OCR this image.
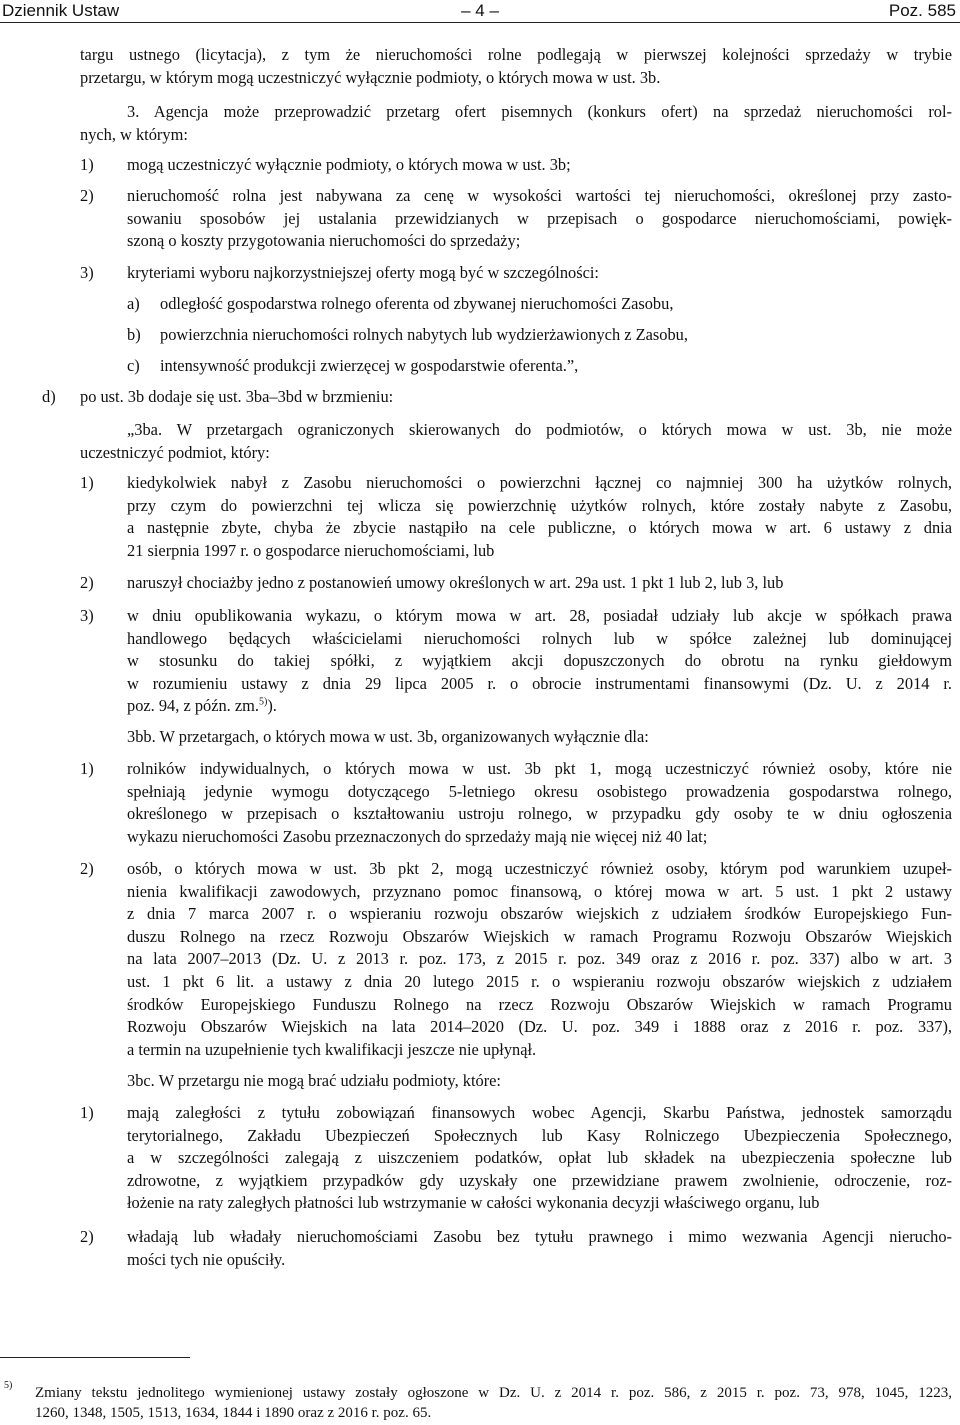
Dziennik Ustaw	– 4 –	Poz. 585
targu ustnego (licytacja), z tym że nieruchomości rolne podlegają w pierwszej kolejności sprzedaży w trybie
przetargu, w którym mogą uczestniczyć wyłącznie podmioty, o których mowa w ust. 3b.
3. Agencja może przeprowadzić przetarg ofert pisemnych (konkurs ofert) na sprzedaż nieruchomości rol-
nych, w którym:
1) mogą uczestniczyć wyłącznie podmioty, o których mowa w ust. 3b;
2) nieruchomość rolna jest nabywana za cenę w wysokości wartości tej nieruchomości, określonej przy zasto-
sowaniu sposobów jej ustalania przewidzianych w przepisach o gospodarce nieruchomościami, powięk-
szoną o koszty przygotowania nieruchomości do sprzedaży;
3) kryteriami wyboru najkorzystniejszej oferty mogą być w szczególności:
a) odległość gospodarstwa rolnego oferenta od zbywanej nieruchomości Zasobu,
b) powierzchnia nieruchomości rolnych nabytych lub wydzierżawionych z Zasobu,
c) intensywność produkcji zwierzęcej w gospodarstwie oferenta.”,
d) po ust. 3b dodaje się ust. 3ba–3bd w brzmieniu:
„3ba. W przetargach ograniczonych skierowanych do podmiotów, o których mowa w ust. 3b, nie może
uczestniczyć podmiot, który:
1) kiedykolwiek nabył z Zasobu nieruchomości o powierzchni łącznej co najmniej 300 ha użytków rolnych,
przy czym do powierzchni tej wlicza się powierzchnię użytków rolnych, które zostały nabyte z Zasobu,
a następnie zbyte, chyba że zbycie nastąpiło na cele publiczne, o których mowa w art. 6 ustawy z dnia
21 sierpnia 1997 r. o gospodarce nieruchomościami, lub
2) naruszył chociażby jedno z postanowień umowy określonych w art. 29a ust. 1 pkt 1 lub 2, lub 3, lub
3) w dniu opublikowania wykazu, o którym mowa w art. 28, posiadał udziały lub akcje w spółkach prawa
handlowego będących właścicielami nieruchomości rolnych lub w spółce zależnej lub dominującej
w stosunku do takiej spółki, z wyjątkiem akcji dopuszczonych do obrotu na rynku giełdowym
w rozumieniu ustawy z dnia 29 lipca 2005 r. o obrocie instrumentami finansowymi (Dz. U. z 2014 r.
poz. 94, z późn. zm.$^{5)}$).
3bb. W przetargach, o których mowa w ust. 3b, organizowanych wyłącznie dla:
1) rolników indywidualnych, o których mowa w ust. 3b pkt 1, mogą uczestniczyć również osoby, które nie
spełniają jedynie wymogu dotyczącego 5-letniego okresu osobistego prowadzenia gospodarstwa rolnego,
określonego w przepisach o kształtowaniu ustroju rolnego, w przypadku gdy osoby te w dniu ogłoszenia
wykazu nieruchomości Zasobu przeznaczonych do sprzedaży mają nie więcej niż 40 lat;
2) osób, o których mowa w ust. 3b pkt 2, mogą uczestniczyć również osoby, którym pod warunkiem uzupeł-
nienia kwalifikacji zawodowych, przyznano pomoc finansową, o której mowa w art. 5 ust. 1 pkt 2 ustawy
z dnia 7 marca 2007 r. o wspieraniu rozwoju obszarów wiejskich z udziałem środków Europejskiego Fun-
duszu Rolnego na rzecz Rozwoju Obszarów Wiejskich w ramach Programu Rozwoju Obszarów Wiejskich
na lata 2007–2013 (Dz. U. z 2013 r. poz. 173, z 2015 r. poz. 349 oraz z 2016 r. poz. 337) albo w art. 3
ust. 1 pkt 6 lit. a ustawy z dnia 20 lutego 2015 r. o wspieraniu rozwoju obszarów wiejskich z udziałem
środków Europejskiego Funduszu Rolnego na rzecz Rozwoju Obszarów Wiejskich w ramach Programu
Rozwoju Obszarów Wiejskich na lata 2014–2020 (Dz. U. poz. 349 i 1888 oraz z 2016 r. poz. 337),
a termin na uzupełnienie tych kwalifikacji jeszcze nie upłynął.
3bc. W przetargu nie mogą brać udziału podmioty, które:
1) mają zaległości z tytułu zobowiązań finansowych wobec Agencji, Skarbu Państwa, jednostek samorządu
terytorialnego, Zakładu Ubezpieczeń Społecznych lub Kasy Rolniczego Ubezpieczenia Społecznego,
a w szczególności zalegają z uiszczeniem podatków, opłat lub składek na ubezpieczenia społeczne lub
zdrowotne, z wyjątkiem przypadków gdy uzyskały one przewidziane prawem zwolnienie, odroczenie, roz-
łożenie na raty zaległych płatności lub wstrzymanie w całości wykonania decyzji właściwego organu, lub
2) władają lub władały nieruchomościami Zasobu bez tytułu prawnego i mimo wezwania Agencji nierucho-
mości tych nie opuściły.
5) Zmiany tekstu jednolitego wymienionej ustawy zostały ogłoszone w Dz. U. z 2014 r. poz. 586, z 2015 r. poz. 73, 978, 1045, 1223,
1260, 1348, 1505, 1513, 1634, 1844 i 1890 oraz z 2016 r. poz. 65.
